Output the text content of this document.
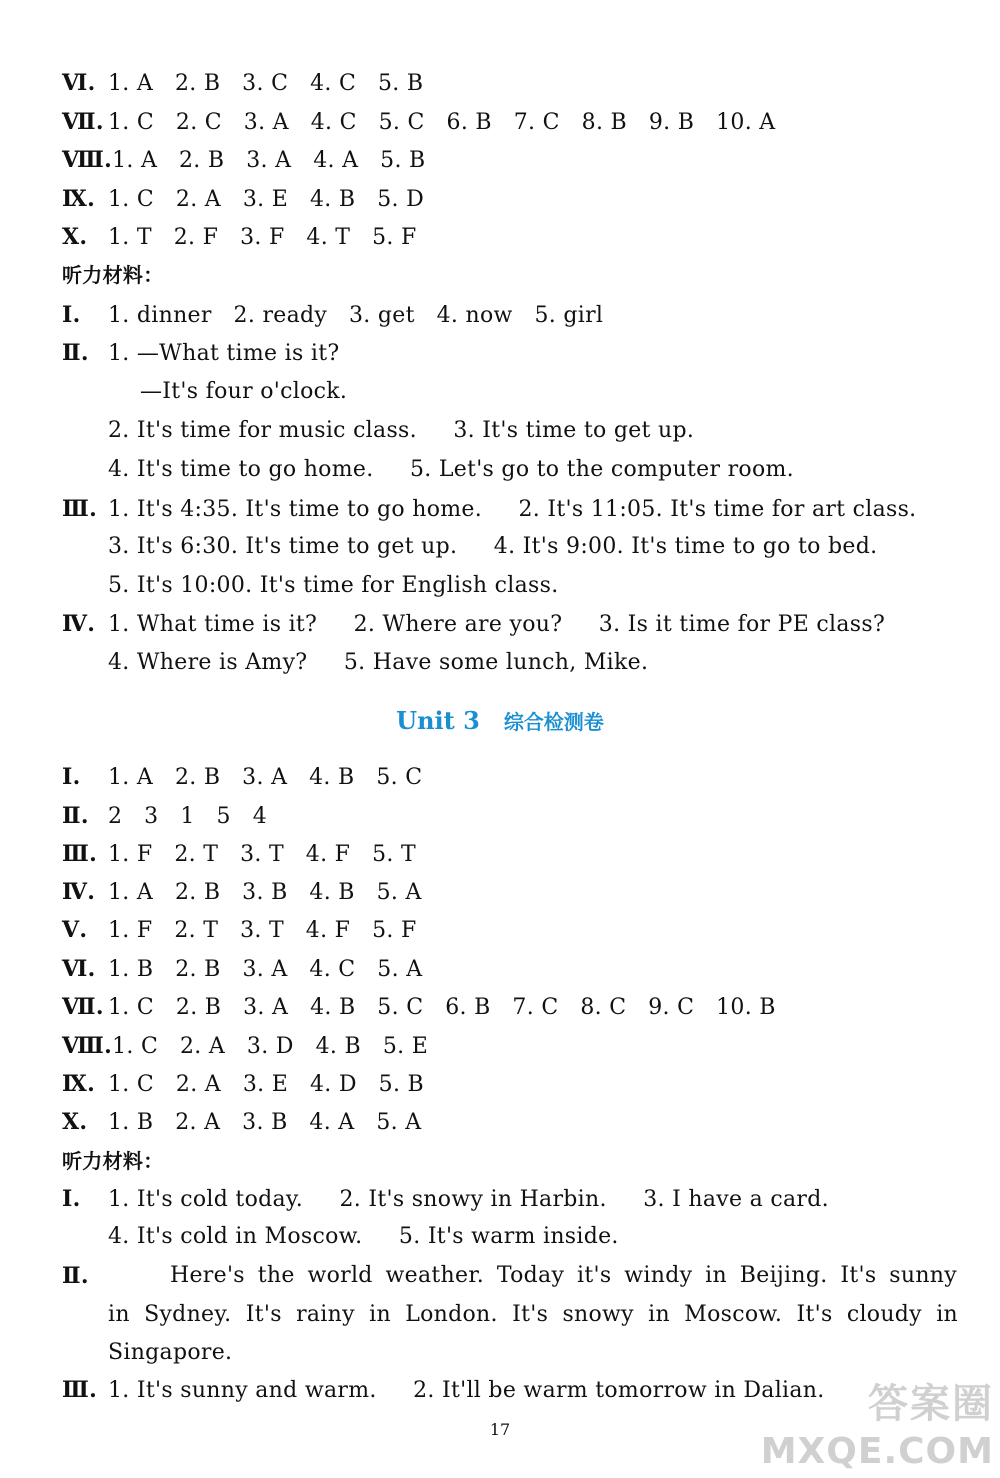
Ⅵ. 1. A   2. B   3. C   4. C   5. B
Ⅶ. 1. C   2. C   3. A   4. C   5. C   6. B   7. C   8. B   9. B   10. A
Ⅷ.1. A   2. B   3. A   4. A   5. B
Ⅸ. 1. C   2. A   3. E   4. B   5. D
Ⅹ. 1. T   2. F   3. F   4. T   5. F
听力材料：
Ⅰ. 1. dinner   2. ready   3. get   4. now   5. girl
Ⅱ. 1. —What time is it?
—It's four o'clock.
2. It's time for music class.     3. It's time to get up.
4. It's time to go home.     5. Let's go to the computer room.
Ⅲ. 1. It's 4:35. It's time to go home.     2. It's 11:05. It's time for art class.
3. It's 6:30. It's time to get up.     4. It's 9:00. It's time to go to bed.
5. It's 10:00. It's time for English class.
Ⅳ. 1. What time is it?     2. Where are you?     3. Is it time for PE class?
4. Where is Amy?     5. Have some lunch, Mike.
Unit 3 综合检测卷
Ⅰ. 1. A   2. B   3. A   4. B   5. C
Ⅱ. 2   3   1   5   4
Ⅲ. 1. F   2. T   3. T   4. F   5. T
Ⅳ. 1. A   2. B   3. B   4. B   5. A
Ⅴ. 1. F   2. T   3. T   4. F   5. F
Ⅵ. 1. B   2. B   3. A   4. C   5. A
Ⅶ. 1. C   2. B   3. A   4. B   5. C   6. B   7. C   8. C   9. C   10. B
Ⅷ.1. C   2. A   3. D   4. B   5. E
Ⅸ. 1. C   2. A   3. E   4. D   5. B
Ⅹ. 1. B   2. A   3. B   4. A   5. A
听力材料：
Ⅰ. 1. It's cold today.     2. It's snowy in Harbin.     3. I have a card.
4. It's cold in Moscow.     5. It's warm inside.
Ⅱ.	Here's the world weather. Today it's windy in Beijing. It's sunny
in Sydney. It's rainy in London. It's snowy in Moscow. It's cloudy in
Singapore.
Ⅲ. 1. It's sunny and warm.     2. It'll be warm tomorrow in Dalian.
17
答案圈
MXQE.COM
